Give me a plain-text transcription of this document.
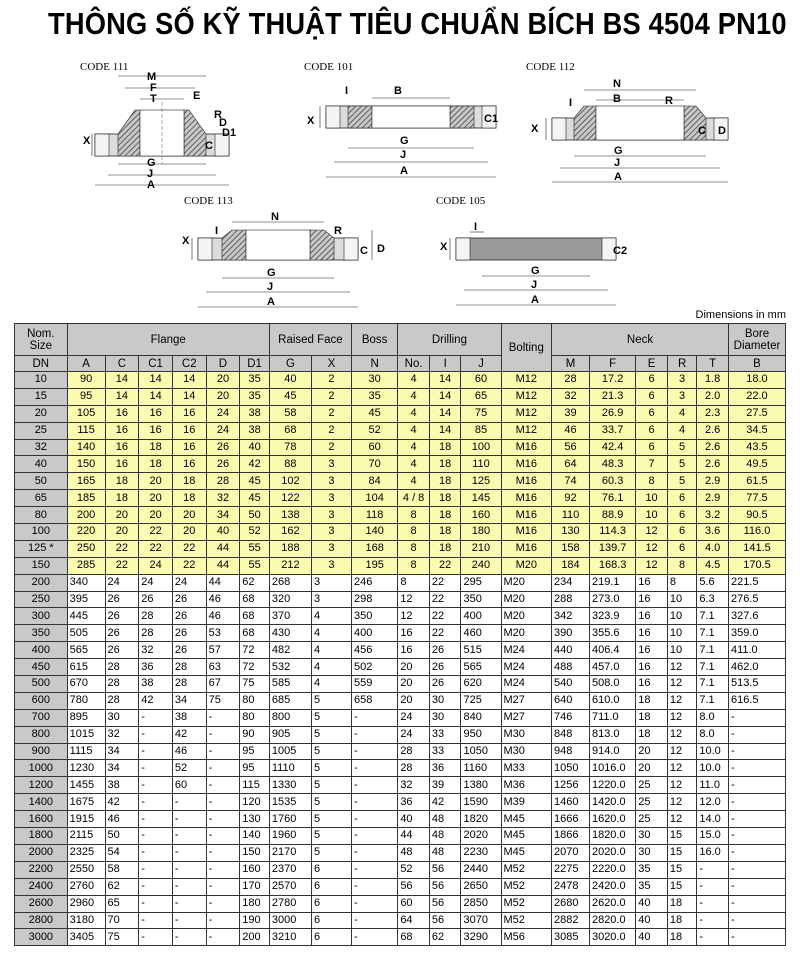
THÔNG SỐ KỸ THUẬT TIÊU CHUẨN BÍCH BS 4504 PN10
CODE 111
M
F
T	E
R
X
D
D1
C
G
J
A
CODE 101
I	B
X	C1
G
J
A
CODE 112
N
B
I	R
X	C D
G
J
A
CODE 113
N
I	R
X
C D
G
J
A
CODE 105
I
X	C2
G
J
A
Dimensions in mm
Nom. Size	Flange						Raised Face		Boss	Drilling			Bolting	Neck					Bore Diameter
DN	A	C	C1	C2	D	D1	G	X	N	No.	I	J		M	F	E	R	T	B
10	90	14	14	14	20	35	40	2	30	4	14	60	M12	28	17.2	6	3	1.8	18.0
15	95	14	14	14	20	35	45	2	35	4	14	65	M12	32	21.3	6	3	2.0	22.0
20	105	16	16	16	24	38	58	2	45	4	14	75	M12	39	26.9	6	4	2.3	27.5
25	115	16	16	16	24	38	68	2	52	4	14	85	M12	46	33.7	6	4	2.6	34.5
32	140	16	18	16	26	40	78	2	60	4	18	100	M16	56	42.4	6	5	2.6	43.5
40	150	16	18	16	26	42	88	3	70	4	18	110	M16	64	48.3	7	5	2.6	49.5
50	165	18	20	18	28	45	102	3	84	4	18	125	M16	74	60.3	8	5	2.9	61.5
65	185	18	20	18	32	45	122	3	104	4 / 8	18	145	M16	92	76.1	10	6	2.9	77.5
80	200	20	20	20	34	50	138	3	118	8	18	160	M16	110	88.9	10	6	3.2	90.5
100	220	20	22	20	40	52	162	3	140	8	18	180	M16	130	114.3	12	6	3.6	116.0
125 *	250	22	22	22	44	55	188	3	168	8	18	210	M16	158	139.7	12	6	4.0	141.5
150	285	22	24	22	44	55	212	3	195	8	22	240	M20	184	168.3	12	8	4.5	170.5
200	340	24	24	24	44	62	268	3	246	8	22	295	M20	234	219.1	16	8	5.6	221.5
250	395	26	26	26	46	68	320	3	298	12	22	350	M20	288	273.0	16	10	6.3	276.5
300	445	26	28	26	46	68	370	4	350	12	22	400	M20	342	323.9	16	10	7.1	327.6
350	505	26	28	26	53	68	430	4	400	16	22	460	M20	390	355.6	16	10	7.1	359.0
400	565	26	32	26	57	72	482	4	456	16	26	515	M24	440	406.4	16	10	7.1	411.0
450	615	28	36	28	63	72	532	4	502	20	26	565	M24	488	457.0	16	12	7.1	462.0
500	670	28	38	28	67	75	585	4	559	20	26	620	M24	540	508.0	16	12	7.1	513.5
600	780	28	42	34	75	80	685	5	658	20	30	725	M27	640	610.0	18	12	7.1	616.5
700	895	30	-	38	-	80	800	5	-	24	30	840	M27	746	711.0	18	12	8.0	-
800	1015	32	-	42	-	90	905	5	-	24	33	950	M30	848	813.0	18	12	8.0	-
900	1115	34	-	46	-	95	1005	5	-	28	33	1050	M30	948	914.0	20	12	10.0	-
1000	1230	34	-	52	-	95	1110	5	-	28	36	1160	M33	1050	1016.0	20	12	10.0	-
1200	1455	38	-	60	-	115	1330	5	-	32	39	1380	M36	1256	1220.0	25	12	11.0	-
1400	1675	42	-	-	-	120	1535	5	-	36	42	1590	M39	1460	1420.0	25	12	12.0	-
1600	1915	46	-	-	-	130	1760	5	-	40	48	1820	M45	1666	1620.0	25	12	14.0	-
1800	2115	50	-	-	-	140	1960	5	-	44	48	2020	M45	1866	1820.0	30	15	15.0	-
2000	2325	54	-	-	-	150	2170	5	-	48	48	2230	M45	2070	2020.0	30	15	16.0	-
2200	2550	58	-	-	-	160	2370	6	-	52	56	2440	M52	2275	2220.0	35	15	-	-
2400	2760	62	-	-	-	170	2570	6	-	56	56	2650	M52	2478	2420.0	35	15	-	-
2600	2960	65	-	-	-	180	2780	6	-	60	56	2850	M52	2680	2620.0	40	18	-	-
2800	3180	70	-	-	-	190	3000	6	-	64	56	3070	M52	2882	2820.0	40	18	-	-
3000	3405	75	-	-	-	200	3210	6	-	68	62	3290	M56	3085	3020.0	40	18	-	-
